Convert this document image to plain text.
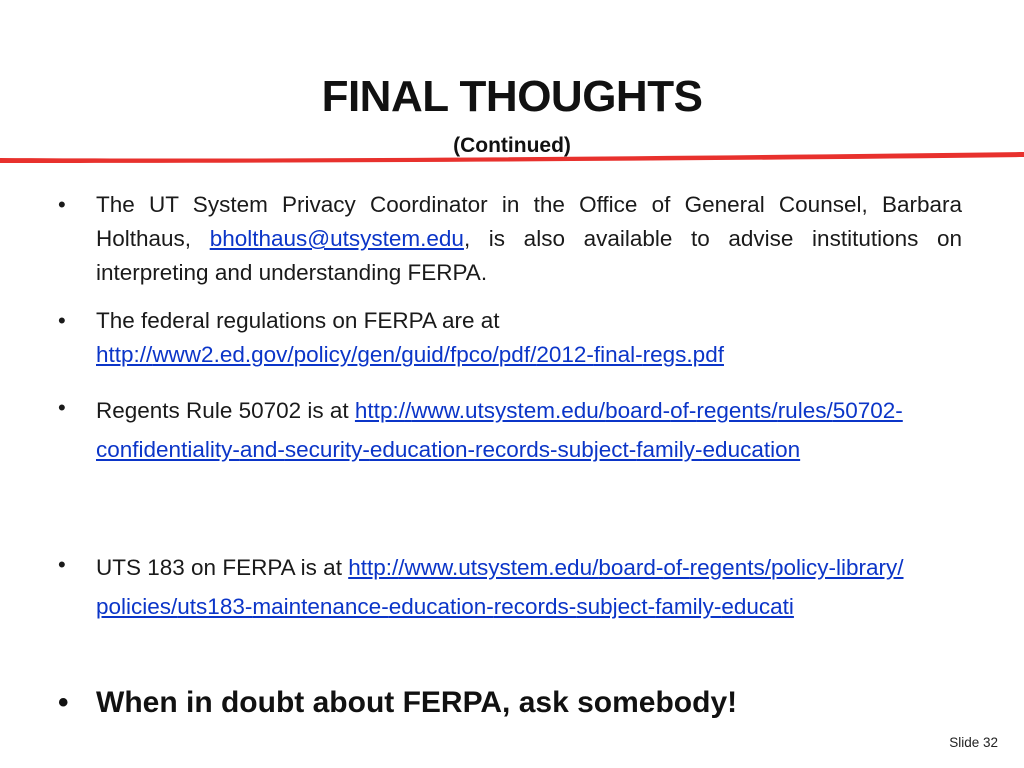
FINAL THOUGHTS
(Continued)
•	The UT System Privacy Coordinator in the Office of General Counsel, Barbara Holthaus, bholthaus@utsystem.edu, is also available to advise institutions on interpreting and understanding FERPA.
•	The federal regulations on FERPA are at
http://www2.ed.gov/policy/gen/guid/fpco/pdf/2012-final-regs.pdf
•	Regents Rule 50702 is at http://www.utsystem.edu/board-of-regents/rules/50702-confidentiality-and-security-education-records-subject-family-education
•	UTS 183 on FERPA is at http://www.utsystem.edu/board-of-regents/policy-library/policies/uts183-maintenance-education-records-subject-family-educati
• When in doubt about FERPA, ask somebody!
Slide 32
